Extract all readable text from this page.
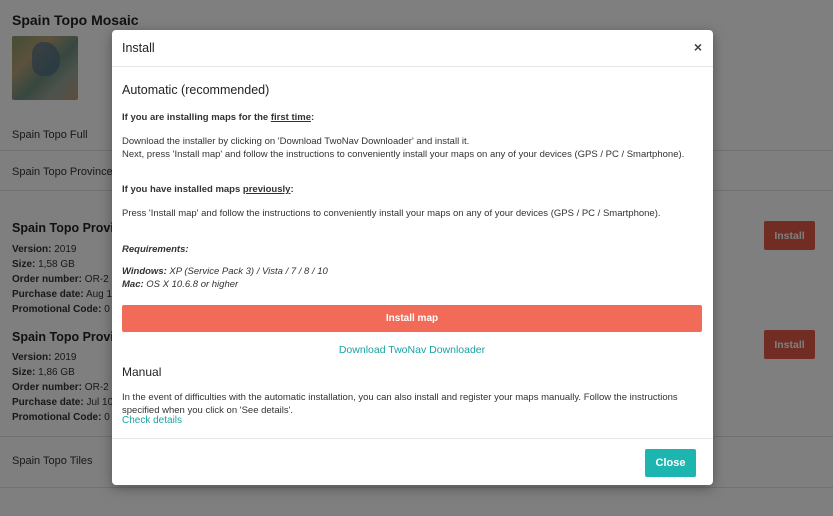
Install	×
Automatic (recommended)
If you are installing maps for the first time:
Download the installer by clicking on 'Download TwoNav Downloader' and install it.
Next, press 'Install map' and follow the instructions to conveniently install your maps on any of your devices (GPS / PC / Smartphone).
If you have installed maps previously:
Press 'Install map' and follow the instructions to conveniently install your maps on any of your devices (GPS / PC / Smartphone).
Requirements:
Windows: XP (Service Pack 3) / Vista / 7 / 8 / 10
Mac: OS X 10.6.8 or higher
Install map
Download TwoNav Downloader
Manual
In the event of difficulties with the automatic installation, you can also install and register your maps manually. Follow the instructions specified when you click on 'See details'.
Check details
Close
